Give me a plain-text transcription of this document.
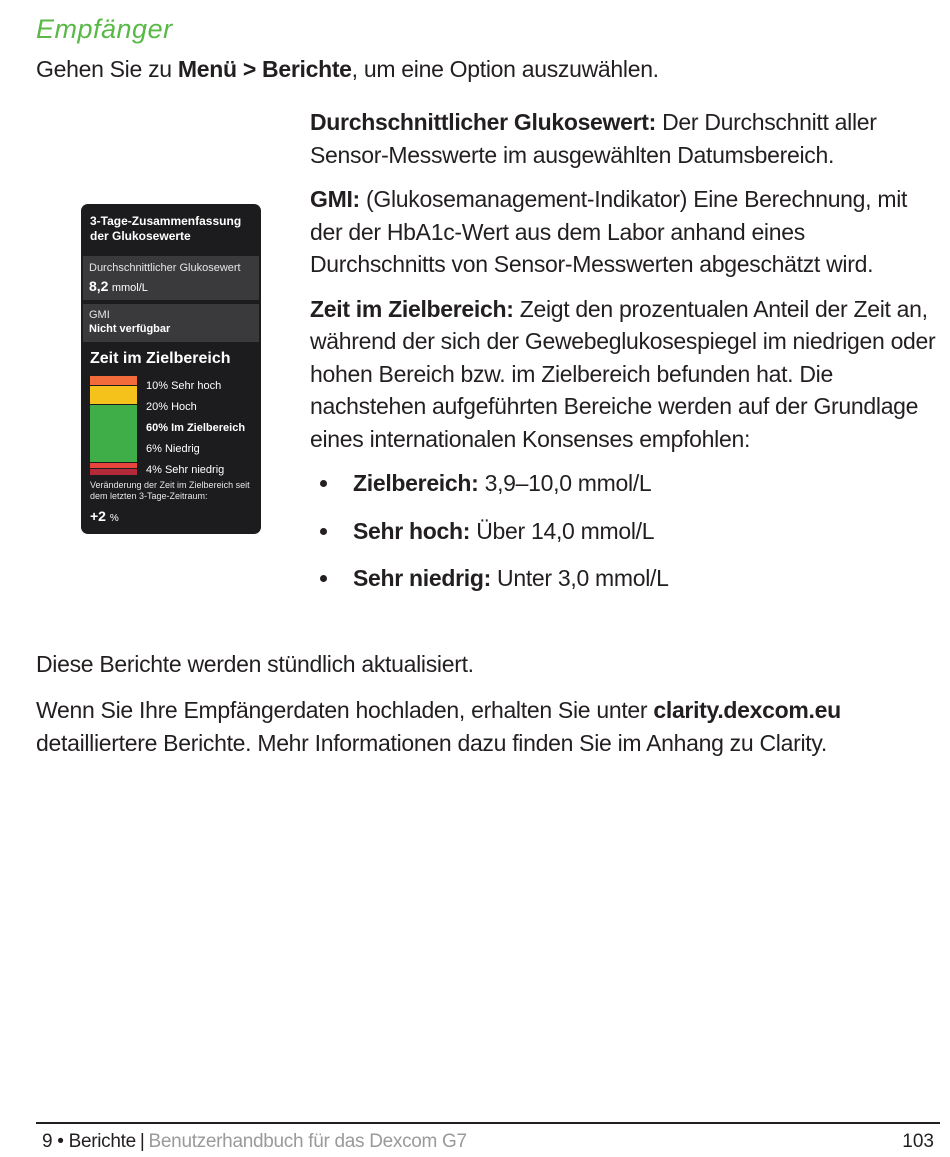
Empfänger
Gehen Sie zu Menü > Berichte, um eine Option auszuwählen.
3-Tage-Zusammenfassung der Glukosewerte
Durchschnittlicher Glukosewert
8,2 mmol/L
GMI
Nicht verfügbar
Zeit im Zielbereich
10% Sehr hoch
20% Hoch
60% Im Zielbereich
6% Niedrig
4% Sehr niedrig
Veränderung der Zeit im Zielbereich seit dem letzten 3-Tage-Zeitraum:
+2 %

Durchschnittlicher Glukosewert: Der Durchschnitt aller Sensor-Messwerte im ausgewählten Datumsbereich.

GMI: (Glukosemanagement-Indikator) Eine Berechnung, mit der der HbA1c-Wert aus dem Labor anhand eines Durchschnitts von Sensor-Messwerten abgeschätzt wird.

Zeit im Zielbereich: Zeigt den prozentualen Anteil der Zeit an, während der sich der Gewebeglukosespiegel im niedrigen oder hohen Bereich bzw. im Zielbereich befunden hat. Die nachstehen aufgeführten Bereiche werden auf der Grundlage eines internationalen Konsenses empfohlen:

Zielbereich: 3,9–10,0 mmol/L
Sehr hoch: Über 14,0 mmol/L
Sehr niedrig: Unter 3,0 mmol/L
Diese Berichte werden stündlich aktualisiert.
Wenn Sie Ihre Empfängerdaten hochladen, erhalten Sie unter clarity.dexcom.eu detailliertere Berichte. Mehr Informationen dazu finden Sie im Anhang zu Clarity.
9 • Berichte | Benutzerhandbuch für das Dexcom G7	103
